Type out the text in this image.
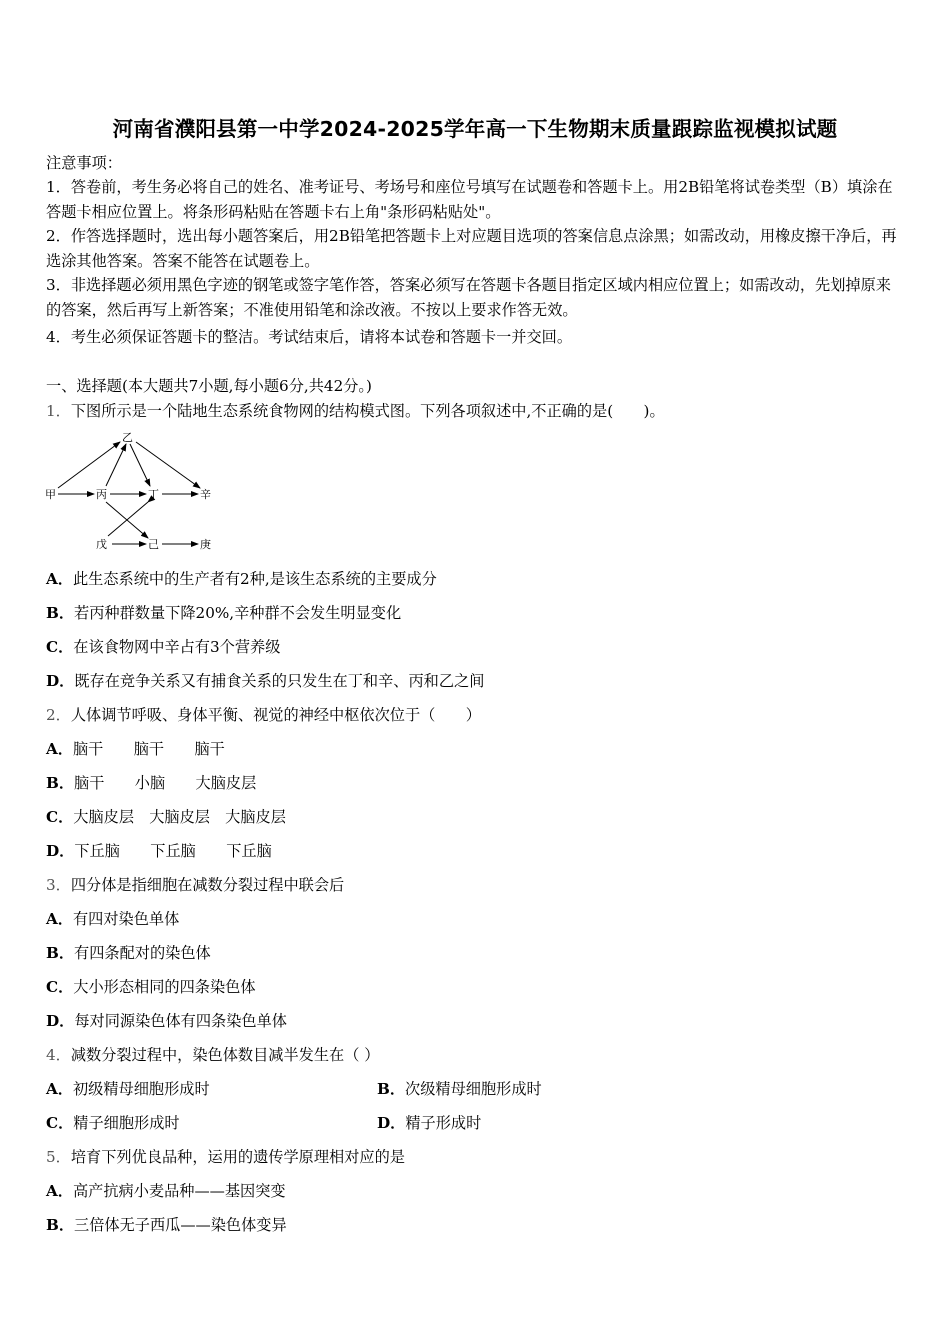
河南省濮阳县第一中学2024-2025学年高一下生物期末质量跟踪监视模拟试题
注意事项：
1．答卷前，考生务必将自己的姓名、准考证号、考场号和座位号填写在试题卷和答题卡上。用2B铅笔将试卷类型（B）填涂在答题卡相应位置上。将条形码粘贴在答题卡右上角"条形码粘贴处"。
2．作答选择题时，选出每小题答案后，用2B铅笔把答题卡上对应题目选项的答案信息点涂黑；如需改动，用橡皮擦干净后，再选涂其他答案。答案不能答在试题卷上。
3．非选择题必须用黑色字迹的钢笔或签字笔作答，答案必须写在答题卡各题目指定区域内相应位置上；如需改动，先划掉原来的答案，然后再写上新答案；不准使用铅笔和涂改液。不按以上要求作答无效。
4．考生必须保证答题卡的整洁。考试结束后，请将本试卷和答题卡一并交回。
一、选择题(本大题共7小题,每小题6分,共42分。)
1．下图所示是一个陆地生态系统食物网的结构模式图。下列各项叙述中,不正确的是(　　)。
甲
乙
丙	丁	辛
戊	己	庚
A．此生态系统中的生产者有2种,是该生态系统的主要成分
B．若丙种群数量下降20%,辛种群不会发生明显变化
C．在该食物网中辛占有3个营养级
D．既存在竞争关系又有捕食关系的只发生在丁和辛、丙和乙之间
2．人体调节呼吸、身体平衡、视觉的神经中枢依次位于（　　）
A．脑干　　脑干　　脑干
B．脑干　　小脑　　大脑皮层
C．大脑皮层　大脑皮层　大脑皮层
D．下丘脑　　下丘脑　　下丘脑
3．四分体是指细胞在减数分裂过程中联会后
A．有四对染色单体
B．有四条配对的染色体
C．大小形态相同的四条染色体
D．每对同源染色体有四条染色单体
4．减数分裂过程中，染色体数目减半发生在（ ）
A．初级精母细胞形成时	B．次级精母细胞形成时
C．精子细胞形成时	D．精子形成时
5．培育下列优良品种，运用的遗传学原理相对应的是
A．高产抗病小麦品种——基因突变
B．三倍体无子西瓜——染色体变异
